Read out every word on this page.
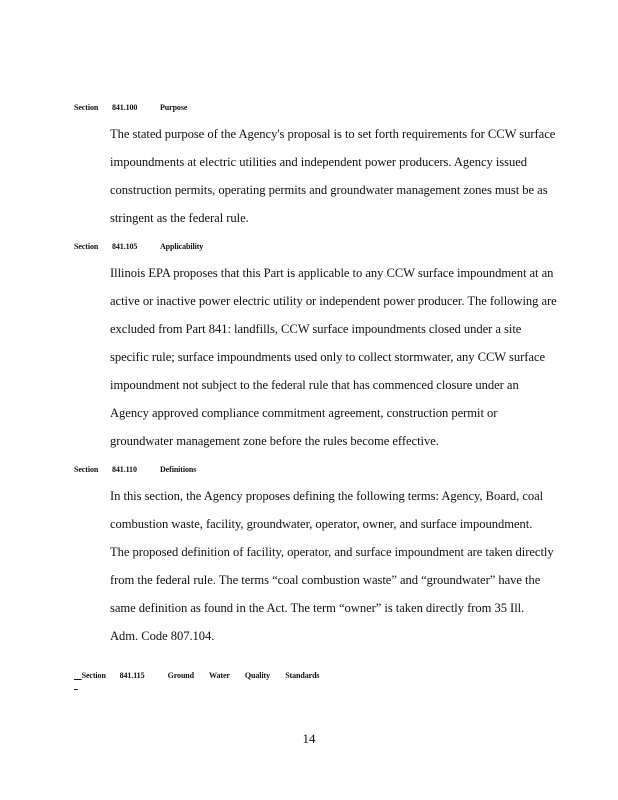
Section 841.100	Purpose
The stated purpose of the Agency's proposal is to set forth requirements for CCW surface
impoundments at electric utilities and independent power producers. Agency issued
construction permits, operating permits and groundwater management zones must be as
stringent as the federal rule.
Section 841.105	Applicability
Illinois EPA proposes that this Part is applicable to any CCW surface impoundment at an
active or inactive power electric utility or independent power producer. The following are
excluded from Part 841: landfills, CCW surface impoundments closed under a site
specific rule; surface impoundments used only to collect stormwater, any CCW surface
impoundment not subject to the federal rule that has commenced closure under an
Agency approved compliance commitment agreement, construction permit or
groundwater management zone before the rules become effective.
Section 841.110	Definitions
In this section, the Agency proposes defining the following terms: Agency, Board, coal
combustion waste, facility, groundwater, operator, owner, and surface impoundment.
The proposed definition of facility, operator, and surface impoundment are taken directly
from the federal rule. The terms “coal combustion waste” and “groundwater” have the
same definition as found in the Act. The term “owner” is taken directly from 35 Ill.
Adm. Code 807.104.

Section 841.115	Ground        Water        Quality        Standards

14
